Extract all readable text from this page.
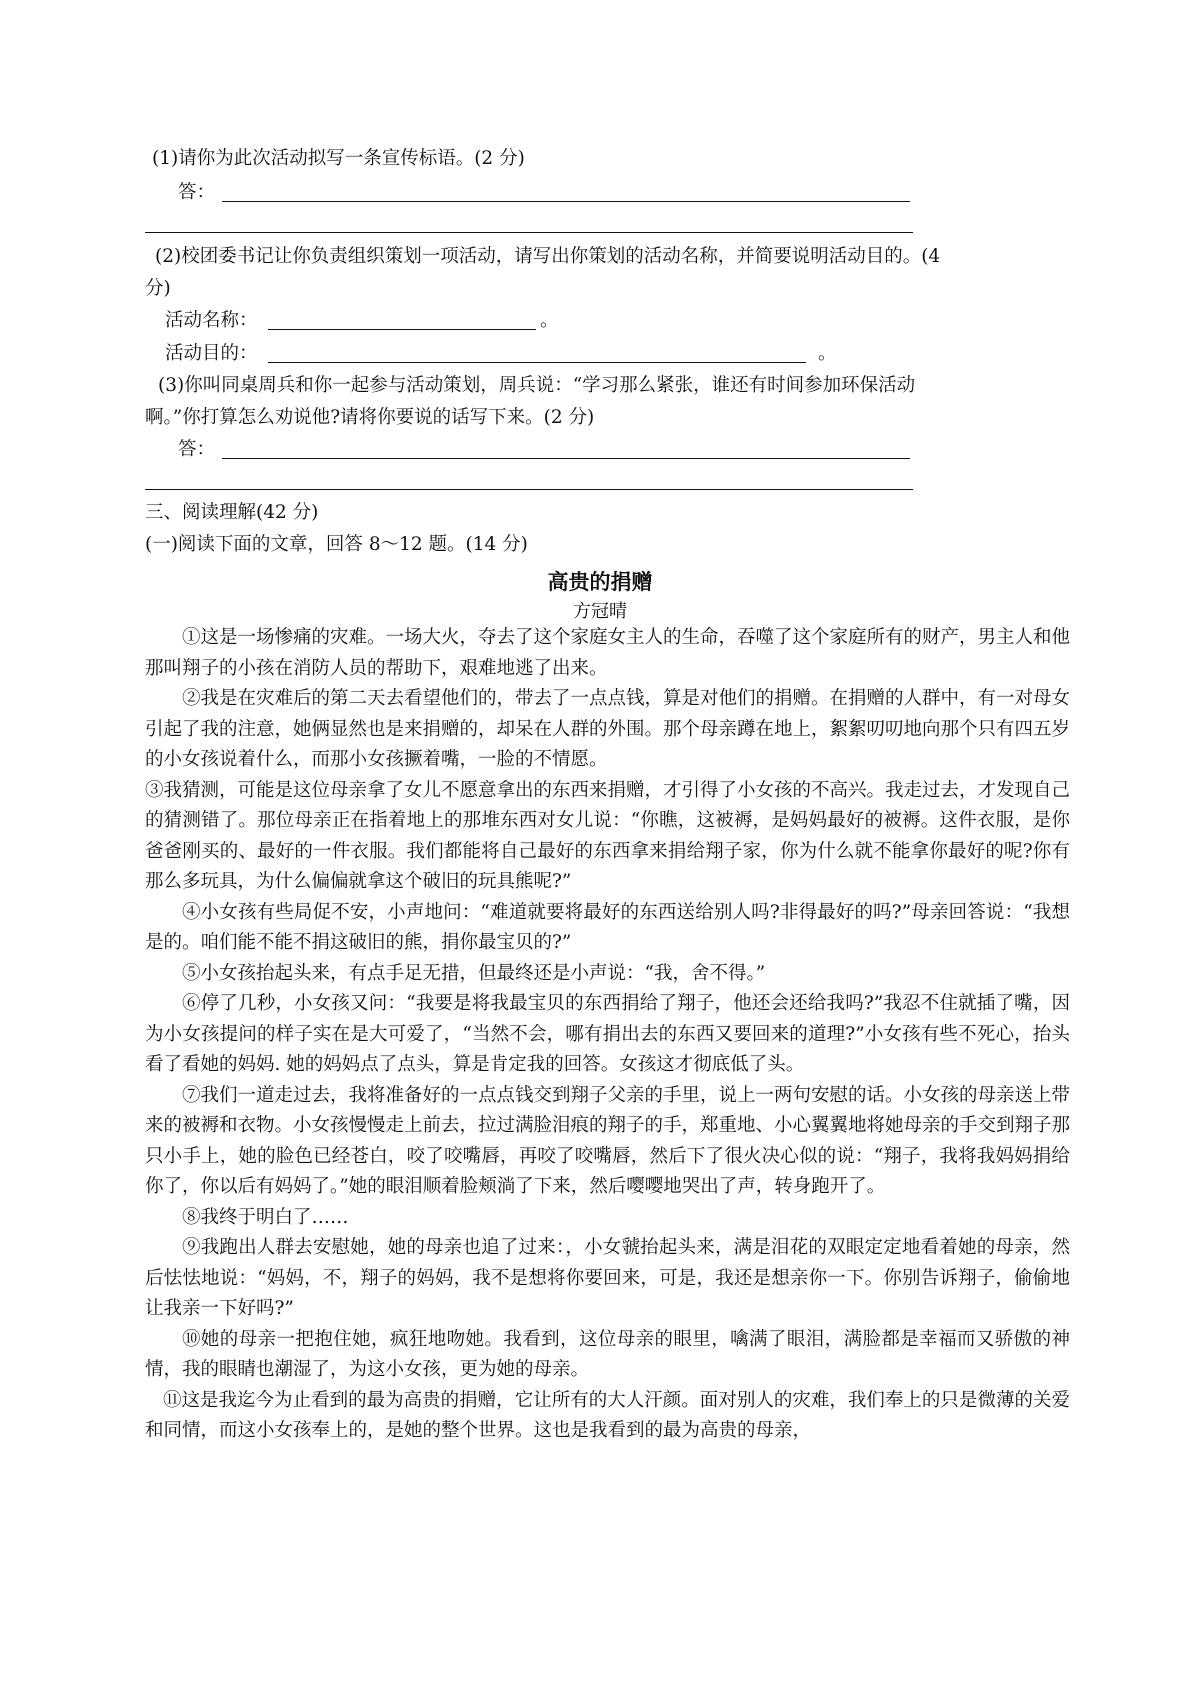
(1)请你为此次活动拟写一条宣传标语。(2 分)
答：
(2)校团委书记让你负责组织策划一项活动，请写出你策划的活动名称，并简要说明活动目的。(4
分)
活动名称：	。
活动目的：	。
(3)你叫同桌周兵和你一起参与活动策划，周兵说：“学习那么紧张，谁还有时间参加环保活动
啊。”你打算怎么劝说他?请将你要说的话写下来。(2 分)
答：
三、阅读理解(42 分)
(一)阅读下面的文章，回答 8～12 题。(14 分)
高贵的捐赠
方冠晴
①这是一场惨痛的灾难。一场大火，夺去了这个家庭女主人的生命，吞噬了这个家庭所有的财产，男主人和他那叫翔子的小孩在消防人员的帮助下，艰难地逃了出来。
②我是在灾难后的第二天去看望他们的，带去了一点点钱，算是对他们的捐赠。在捐赠的人群中，有一对母女引起了我的注意，她俩显然也是来捐赠的，却呆在人群的外围。那个母亲蹲在地上，絮絮叨叨地向那个只有四五岁的小女孩说着什么，而那小女孩撅着嘴，一脸的不情愿。
③我猜测，可能是这位母亲拿了女儿不愿意拿出的东西来捐赠，才引得了小女孩的不高兴。我走过去，才发现自己的猜测错了。那位母亲正在指着地上的那堆东西对女儿说：“你瞧，这被褥，是妈妈最好的被褥。这件衣服，是你爸爸刚买的、最好的一件衣服。我们都能将自己最好的东西拿来捐给翔子家，你为什么就不能拿你最好的呢?你有那么多玩具，为什么偏偏就拿这个破旧的玩具熊呢?”
④小女孩有些局促不安，小声地问：“难道就要将最好的东西送给别人吗?非得最好的吗?”母亲回答说：“我想是的。咱们能不能不捐这破旧的熊，捐你最宝贝的?”
⑤小女孩抬起头来，有点手足无措，但最终还是小声说：“我，舍不得。”
⑥停了几秒，小女孩又问：“我要是将我最宝贝的东西捐给了翔子，他还会还给我吗?”我忍不住就插了嘴，因为小女孩提问的样子实在是大可爱了，“当然不会，哪有捐出去的东西又要回来的道理?”小女孩有些不死心，抬头看了看她的妈妈. 她的妈妈点了点头，算是肯定我的回答。女孩这才彻底低了头。
⑦我们一道走过去，我将准备好的一点点钱交到翔子父亲的手里，说上一两句安慰的话。小女孩的母亲送上带来的被褥和衣物。小女孩慢慢走上前去，拉过满脸泪痕的翔子的手，郑重地、小心翼翼地将她母亲的手交到翔子那只小手上，她的脸色已经苍白，咬了咬嘴唇，再咬了咬嘴唇，然后下了很火决心似的说：“翔子，我将我妈妈捐给你了，你以后有妈妈了。”她的眼泪顺着脸颊淌了下来，然后嘤嘤地哭出了声，转身跑开了。
⑧我终于明白了……
⑨我跑出人群去安慰她，她的母亲也追了过来：，小女虢抬起头来，满是泪花的双眼定定地看着她的母亲，然后怯怯地说：“妈妈，不，翔子的妈妈，我不是想将你要回来，可是，我还是想亲你一下。你别告诉翔子，偷偷地让我亲一下好吗?”
⑩她的母亲一把抱住她，疯狂地吻她。我看到，这位母亲的眼里，噙满了眼泪，满脸都是幸福而又骄傲的神情，我的眼睛也潮湿了，为这小女孩，更为她的母亲。
⑪这是我迄今为止看到的最为高贵的捐赠，它让所有的大人汗颜。面对别人的灾难，我们奉上的只是微薄的关爱和同情，而这小女孩奉上的，是她的整个世界。这也是我看到的最为高贵的母亲，
